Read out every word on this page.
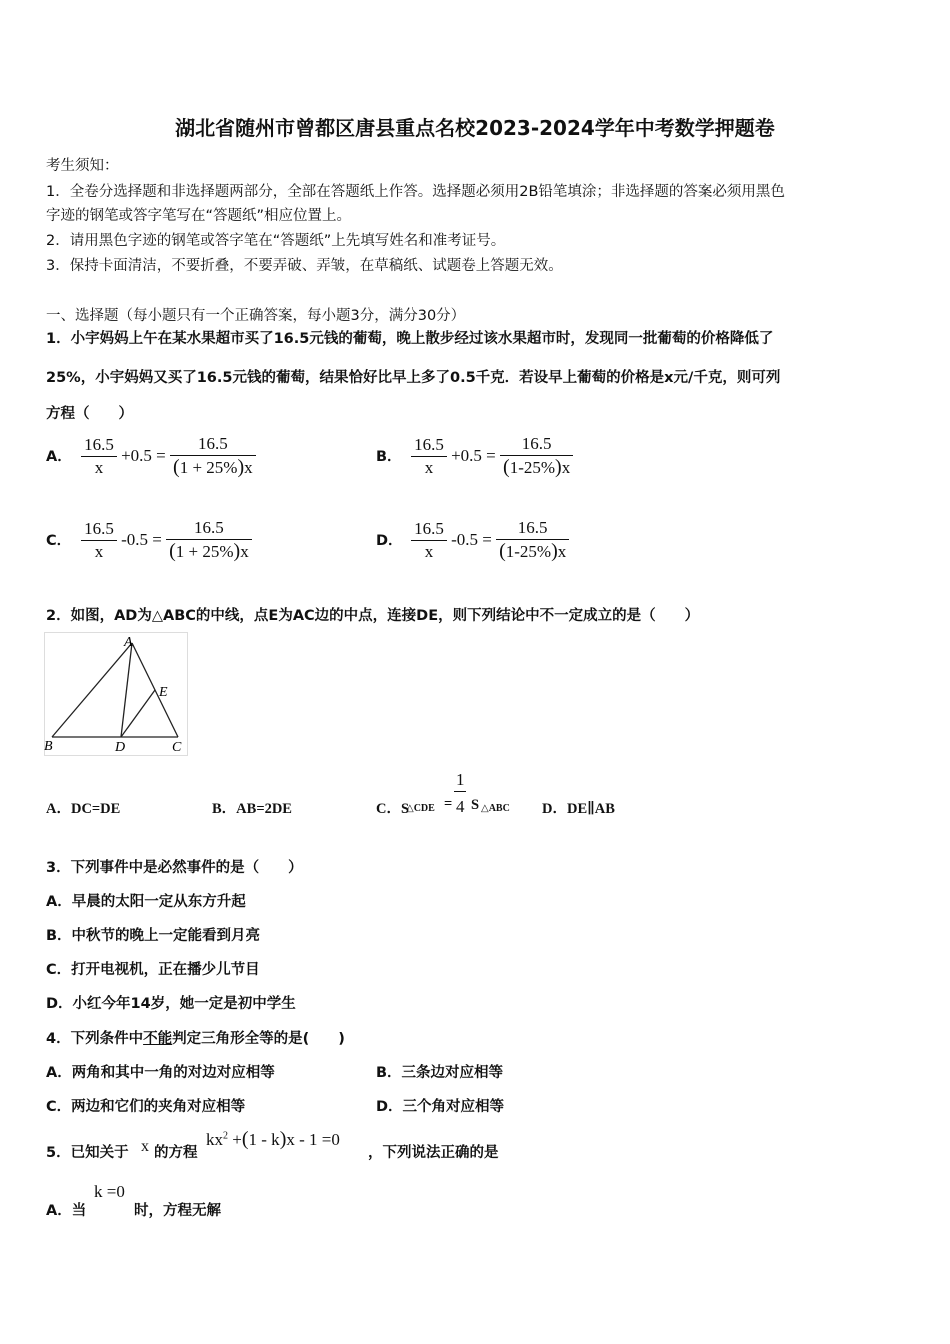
湖北省随州市曾都区唐县重点名校2023-2024学年中考数学押题卷
考生须知：
1．全卷分选择题和非选择题两部分，全部在答题纸上作答。选择题必须用2B铅笔填涂；非选择题的答案必须用黑色
字迹的钢笔或答字笔写在“答题纸”相应位置上。
2．请用黑色字迹的钢笔或答字笔在“答题纸”上先填写姓名和准考证号。
3．保持卡面清洁，不要折叠，不要弄破、弄皱，在草稿纸、试题卷上答题无效。
一、选择题（每小题只有一个正确答案，每小题3分，满分30分）
1．小宇妈妈上午在某水果超市买了16.5元钱的葡萄，晚上散步经过该水果超市时，发现同一批葡萄的价格降低了
25%，小宇妈妈又买了16.5元钱的葡萄，结果恰好比早上多了0.5千克．若设早上葡萄的价格是x元/千克，则可列
方程（　　）
A． $\frac{16.5}{x} +0.5 = \frac{16.5}{(1 + 25\%)x}$	B． $\frac{16.5}{x} +0.5 = \frac{16.5}{(1-25\%)x}$
C． $\frac{16.5}{x} -0.5 = \frac{16.5}{(1 + 25\%)x}$	D． $\frac{16.5}{x} -0.5 = \frac{16.5}{(1-25\%)x}$
2．如图，AD为△ABC的中线，点E为AC边的中点，连接DE，则下列结论中不一定成立的是（　　）
A
B	D	C
E
A．DC=DE	B．AB=2DE	C．S
△CDE =
1
4 S △ABC D．DE∥AB
3．下列事件中是必然事件的是（　　）
A．早晨的太阳一定从东方升起
B．中秋节的晚上一定能看到月亮
C．打开电视机，正在播少儿节目
D．小红今年14岁，她一定是初中学生
4．下列条件中不能判定三角形全等的是(　　)
A．两角和其中一角的对边对应相等	B．三条边对应相等
C．两边和它们的夹角对应相等	D．三个角对应相等
5．已知关于 x 的方程
$kx^2 +(1 - k)x - 1 =0$
，下列说法正确的是
A．当
k =0
时，方程无解
